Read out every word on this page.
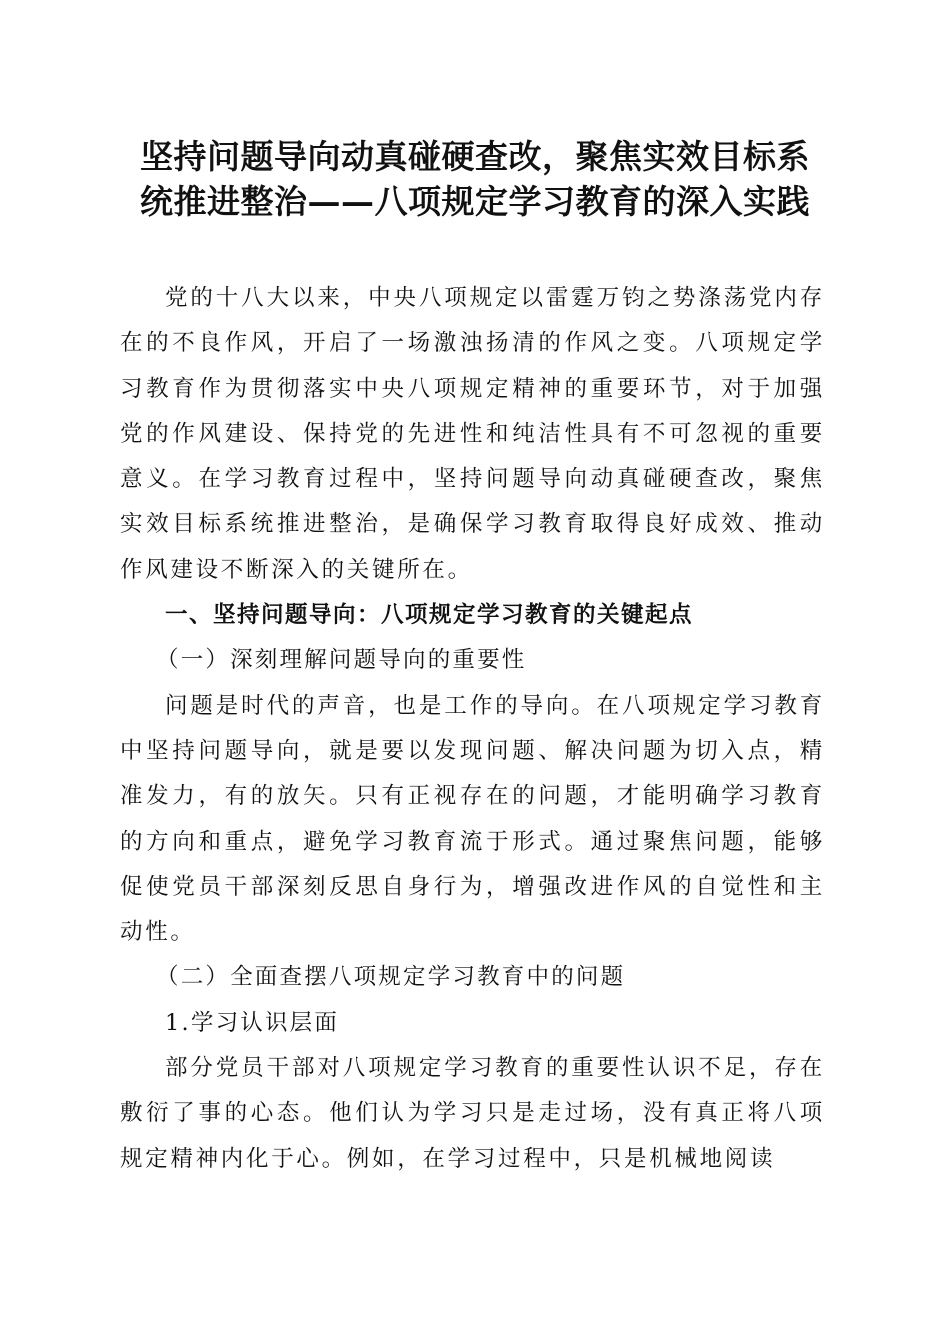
坚持问题导向动真碰硬查改，聚焦实效目标系
统推进整治——八项规定学习教育的深入实践

党的十八大以来，中央八项规定以雷霆万钧之势涤荡党内存在的不良作风，开启了一场激浊扬清的作风之变。八项规定学习教育作为贯彻落实中央八项规定精神的重要环节，对于加强党的作风建设、保持党的先进性和纯洁性具有不可忽视的重要意义。在学习教育过程中，坚持问题导向动真碰硬查改，聚焦实效目标系统推进整治，是确保学习教育取得良好成效、推动作风建设不断深入的关键所在。

一、坚持问题导向：八项规定学习教育的关键起点

（一）深刻理解问题导向的重要性

问题是时代的声音，也是工作的导向。在八项规定学习教育中坚持问题导向，就是要以发现问题、解决问题为切入点，精准发力，有的放矢。只有正视存在的问题，才能明确学习教育的方向和重点，避免学习教育流于形式。通过聚焦问题，能够促使党员干部深刻反思自身行为，增强改进作风的自觉性和主动性。

（二）全面查摆八项规定学习教育中的问题

1.学习认识层面

部分党员干部对八项规定学习教育的重要性认识不足，存在敷衍了事的心态。他们认为学习只是走过场，没有真正将八项规定精神内化于心。例如，在学习过程中，只是机械地阅读
